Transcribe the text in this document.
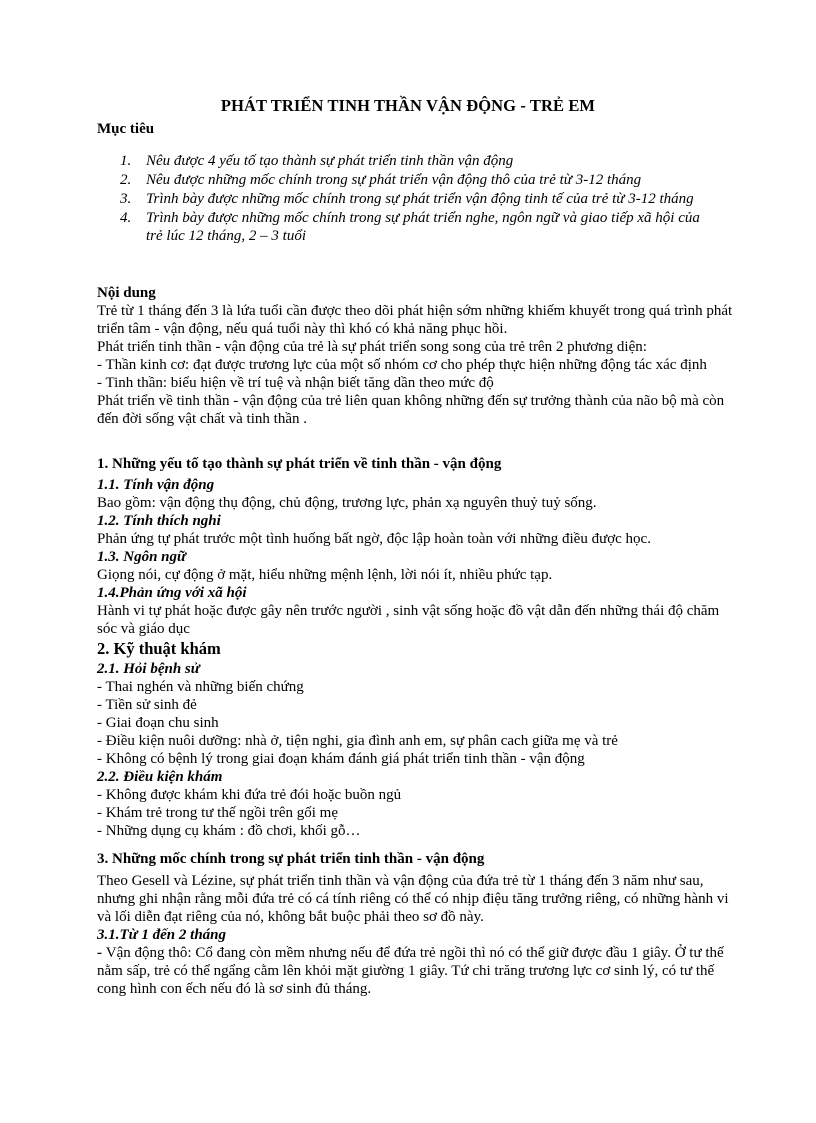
PHÁT TRIỂN TINH THẦN VẬN ĐỘNG - TRẺ EM
Mục tiêu
1. Nêu được 4 yếu tố tạo thành sự phát triển tinh thần vận động
2. Nêu được những mốc chính trong sự phát triển vận động thô của trẻ từ 3-12 tháng
3. Trình bày được những mốc chính trong sự phát triển vận động tinh tế của trẻ từ 3-12 tháng
4. Trình bày được những mốc chính trong sự phát triển nghe, ngôn ngữ và giao tiếp xã hội của trẻ lúc 12 tháng, 2 – 3 tuổi
Nội dung

Trẻ từ 1 tháng đến 3 là lứa tuổi cần được theo dõi phát hiện sớm những khiếm khuyết trong quá trình phát triển tâm - vận động, nếu quá tuổi này thì khó có khả năng phục hồi.

Phát triển tinh thần - vận động của trẻ là sự phát triển song song của trẻ trên 2 phương diện:

- Thần kinh cơ: đạt được trương lực của một số nhóm cơ cho phép thực hiện những động tác xác định

- Tinh thần: biểu hiện về trí tuệ và nhận biết tăng dần theo mức độ

Phát triển về tinh thần - vận động của trẻ liên quan không những đến sự trưởng thành của não bộ mà còn đến đời sống vật chất và tinh thần .

1. Những yếu tố tạo thành sự phát triển về tinh thần - vận động

1.1. Tính vận động

Bao gồm: vận động thụ động, chủ động, trương lực, phản xạ nguyên thuỷ tuỷ sống.

1.2. Tính thích nghi

Phản ứng tự phát trước một tình huống bất ngờ, độc lập hoàn toàn với những điều được học.

1.3. Ngôn ngữ

Giọng nói, cự động ở mặt, hiểu những mệnh lệnh, lời nói ít, nhiều phức tạp.

1.4.Phản ứng với xã hội

Hành vi tự phát hoặc được gây nên trước người , sinh vật sống hoặc đồ vật dẫn đến những thái độ chăm sóc và giáo dục

2. Kỹ thuật khám

2.1. Hỏi bệnh sử

- Thai nghén và những biến chứng

- Tiền sử sinh đẻ

- Giai đoạn chu sinh

- Điều kiện nuôi dưỡng: nhà ở, tiện nghi, gia đình anh em, sự phân cach giữa mẹ và trẻ

- Không có bệnh lý trong giai đoạn khám đánh giá phát triển tinh thần - vận động

2.2. Điều kiện khám

- Không được khám khi đứa trẻ đói hoặc buồn ngủ

- Khám trẻ trong tư thế ngồi trên gối mẹ

- Những dụng cụ khám : đồ chơi, khối gỗ…

3. Những mốc chính trong sự phát triển tinh thần - vận động

Theo Gesell và Lézine, sự phát triển tinh thần và vận động của đứa trẻ từ 1 tháng đến 3 năm như sau, nhưng ghi nhận rằng mỗi đứa trẻ có cá tính riêng có thể có nhịp điệu tăng trưởng riêng, có những hành vi và lối diễn đạt riêng của nó, không bắt buộc phải theo sơ đồ này.

3.1.Từ 1 đến 2 tháng

- Vận động thô: Cổ đang còn mềm nhưng nếu để đứa trẻ ngồi thì nó có thể giữ được đầu 1 giây. Ở tư thế nằm sấp, trẻ có thể ngẩng cằm lên khỏi mặt giường 1 giây. Tứ chi trăng trương lực cơ sinh lý, có tư thế cong hình con ếch nếu đó là sơ sinh đủ tháng.
